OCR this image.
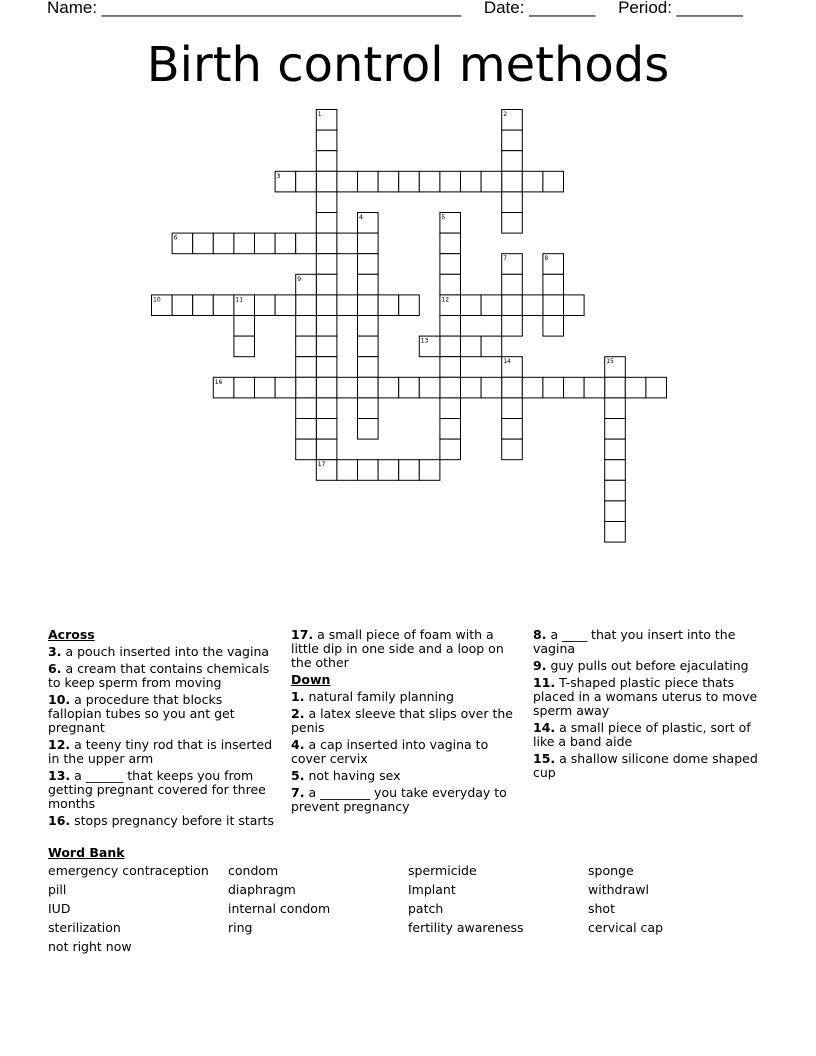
Name: ______________________________________ Date: _______ Period: _______
Birth control methods
1	2
3
4	5
6
7	8
9
10	11	12
13
14	15
16
17
Across
3. a pouch inserted into the vagina
6. a cream that contains chemicals to keep sperm from moving
10. a procedure that blocks fallopian tubes so you ant get pregnant
12. a teeny tiny rod that is inserted in the upper arm
13. a ______ that keeps you from getting pregnant covered for three months
16. stops pregnancy before it starts
17. a small piece of foam with a little dip in one side and a loop on the other
Down
1. natural family planning
2. a latex sleeve that slips over the penis
4. a cap inserted into vagina to cover cervix
5. not having sex
7. a ________ you take everyday to prevent pregnancy
8. a ____ that you insert into the vagina
9. guy pulls out before ejaculating
11. T-shaped plastic piece thats placed in a womans uterus to move sperm away
14. a small piece of plastic, sort of like a band aide
15. a shallow silicone dome shaped cup
Word Bank
emergency contraception	condom	spermicide	sponge
pill	diaphragm	Implant	withdrawl
IUD	internal condom	patch	shot
sterilization	ring	fertility awareness	cervical cap
not right now
